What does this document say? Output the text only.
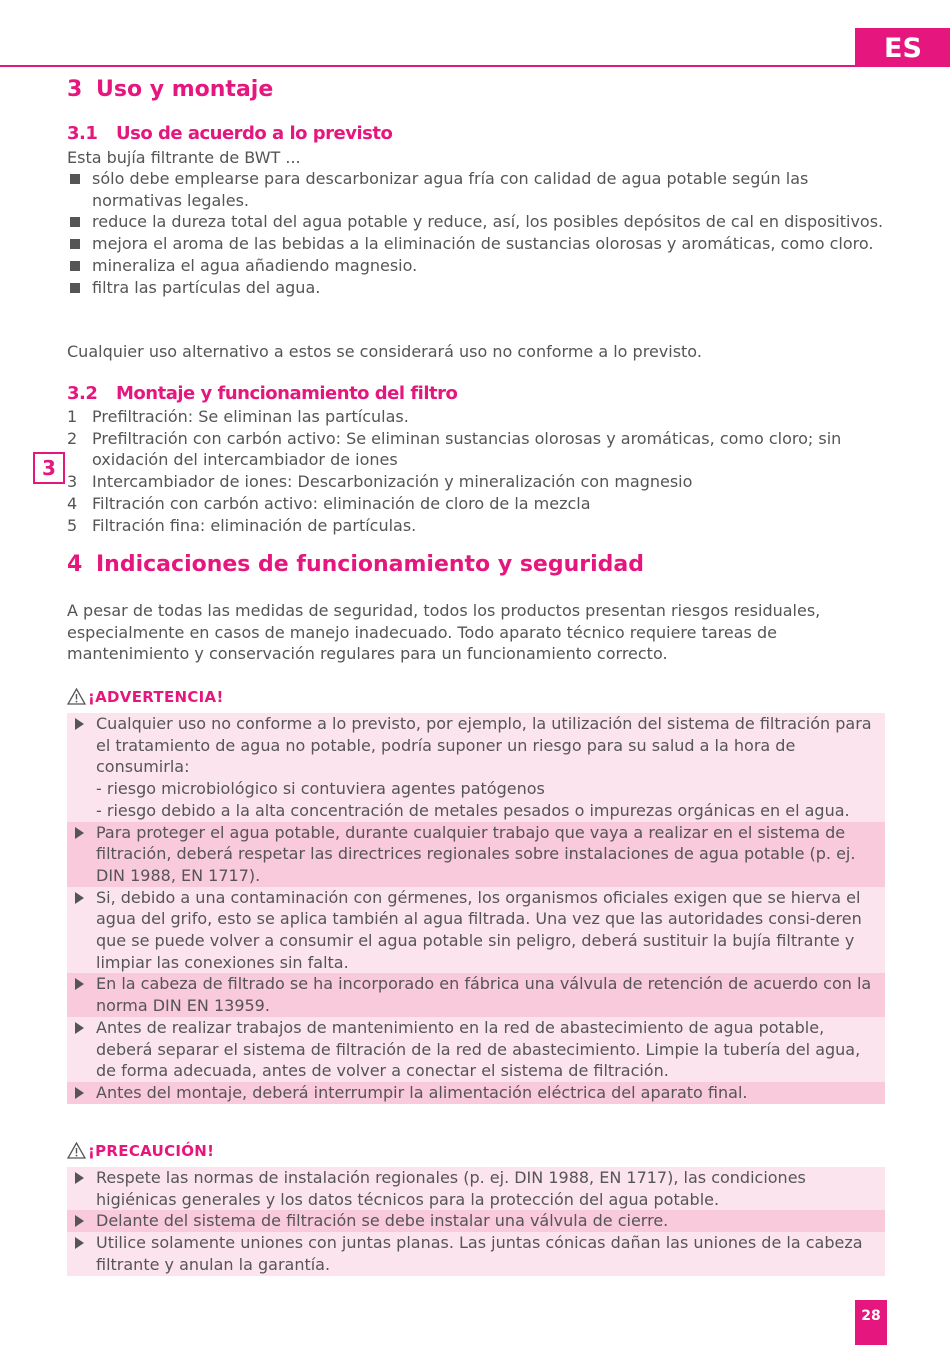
ES
3
28
3 Uso y montaje
3.1 Uso de acuerdo a lo previsto

Esta bujía filtrante de BWT ...

sólo debe emplearse para descarbonizar agua fría con calidad de agua potable según las normativas legales.
reduce la dureza total del agua potable y reduce, así, los posibles depósitos de cal en dispositivos.
mejora el aroma de las bebidas a la eliminación de sustancias olorosas y aromáticas, como cloro.
mineraliza el agua añadiendo magnesio.
filtra las partículas del agua.

Cualquier uso alternativo a estos se considerará uso no conforme a lo previsto.

3.2 Montaje y funcionamiento del filtro
1 Prefiltración: Se eliminan las partículas.
2 Prefiltración con carbón activo: Se eliminan sustancias olorosas y aromáticas, como cloro; sin oxidación del intercambiador de iones
3 Intercambiador de iones: Descarbonización y mineralización con magnesio
4 Filtración con carbón activo: eliminación de cloro de la mezcla
5 Filtración fina: eliminación de partículas.
4 Indicaciones de funcionamiento y seguridad

A pesar de todas las medidas de seguridad, todos los productos presentan riesgos residuales, especialmente en casos de manejo inadecuado. Todo aparato técnico requiere tareas de mantenimiento y conservación regulares para un funcionamiento correcto.

¡ADVERTENCIA!
Cualquier uso no conforme a lo previsto, por ejemplo, la utilización del sistema de filtración para el tratamiento de agua no potable, podría suponer un riesgo para su salud a la hora de consumirla:
- riesgo microbiológico si contuviera agentes patógenos
- riesgo debido a la alta concentración de metales pesados o impurezas orgánicas en el agua.
Para proteger el agua potable, durante cualquier trabajo que vaya a realizar en el sistema de filtración, deberá respetar las directrices regionales sobre instalaciones de agua potable (p. ej. DIN 1988, EN 1717).
Si, debido a una contaminación con gérmenes, los organismos oficiales exigen que se hierva el agua del grifo, esto se aplica también al agua filtrada. Una vez que las autoridades consi-deren que se puede volver a consumir el agua potable sin peligro, deberá sustituir la bujía filtrante y limpiar las conexiones sin falta.
En la cabeza de filtrado se ha incorporado en fábrica una válvula de retención de acuerdo con la norma DIN EN 13959.
Antes de realizar trabajos de mantenimiento en la red de abastecimiento de agua potable, deberá separar el sistema de filtración de la red de abastecimiento. Limpie la tubería del agua, de forma adecuada, antes de volver a conectar el sistema de filtración.
Antes del montaje, deberá interrumpir la alimentación eléctrica del aparato final.
¡PRECAUCIÓN!
Respete las normas de instalación regionales (p. ej. DIN 1988, EN 1717), las condiciones higiénicas generales y los datos técnicos para la protección del agua potable.
Delante del sistema de filtración se debe instalar una válvula de cierre.
Utilice solamente uniones con juntas planas. Las juntas cónicas dañan las uniones de la cabeza filtrante y anulan la garantía.
